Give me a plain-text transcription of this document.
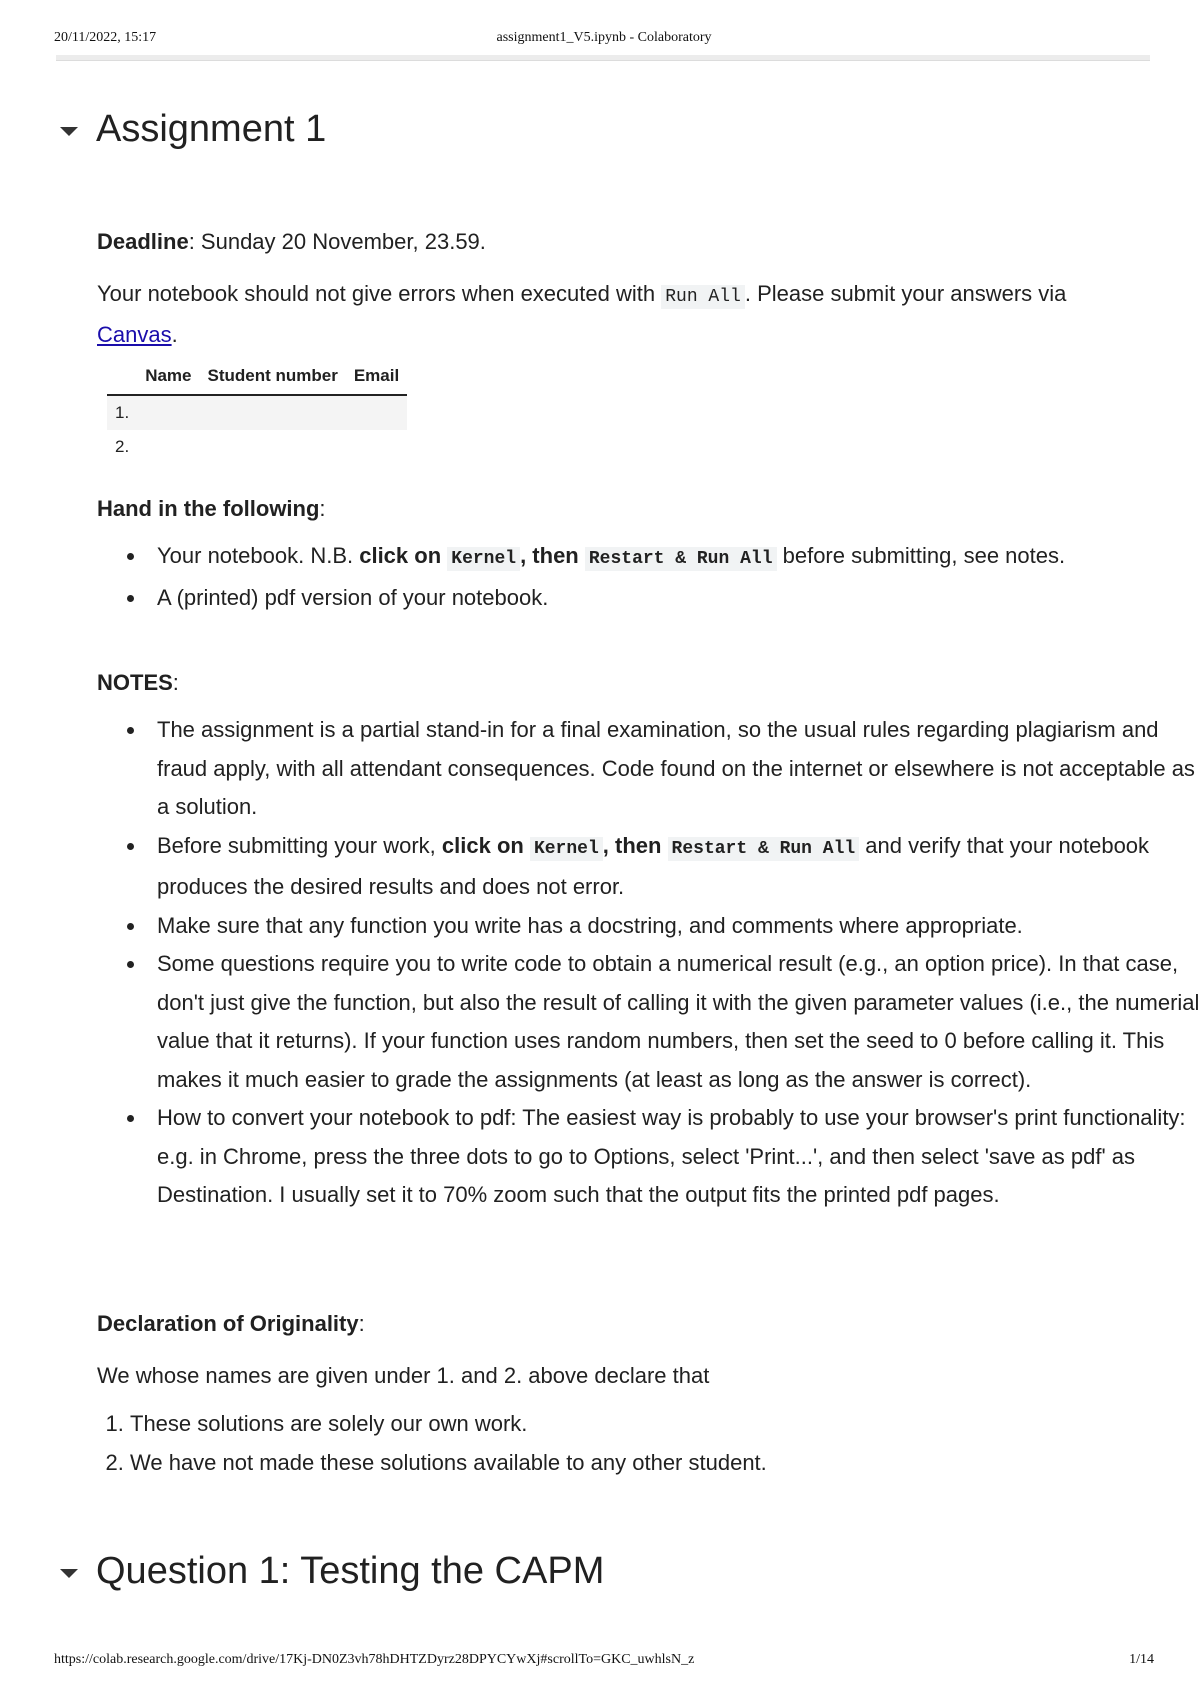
20/11/2022, 15:17	assignment1_V5.ipynb - Colaboratory
Assignment 1
Deadline: Sunday 20 November, 23.59.
Your notebook should not give errors when executed with Run All . Please submit your answers via Canvas.
	Name	Student number	Email
1.			
2.			
Hand in the following:
Your notebook. N.B. click on Kernel , then Restart & Run All before submitting, see notes.
A (printed) pdf version of your notebook.
NOTES:
The assignment is a partial stand-in for a final examination, so the usual rules regarding plagiarism and fraud apply, with all attendant consequences. Code found on the internet or elsewhere is not acceptable as a solution.
Before submitting your work, click on Kernel , then Restart & Run All and verify that your notebook produces the desired results and does not error.
Make sure that any function you write has a docstring, and comments where appropriate.
Some questions require you to write code to obtain a numerical result (e.g., an option price). In that case, don't just give the function, but also the result of calling it with the given parameter values (i.e., the numerial value that it returns). If your function uses random numbers, then set the seed to 0 before calling it. This makes it much easier to grade the assignments (at least as long as the answer is correct).
How to convert your notebook to pdf: The easiest way is probably to use your browser's print functionality: e.g. in Chrome, press the three dots to go to Options, select 'Print...', and then select 'save as pdf' as Destination. I usually set it to 70% zoom such that the output fits the printed pdf pages.
Declaration of Originality:
We whose names are given under 1. and 2. above declare that
1. These solutions are solely our own work.
2. We have not made these solutions available to any other student.
Question 1: Testing the CAPM
https://colab.research.google.com/drive/17Kj-DN0Z3vh78hDHTZDyrz28DPYCYwXj#scrollTo=GKC_uwhlsN_z	1/14
